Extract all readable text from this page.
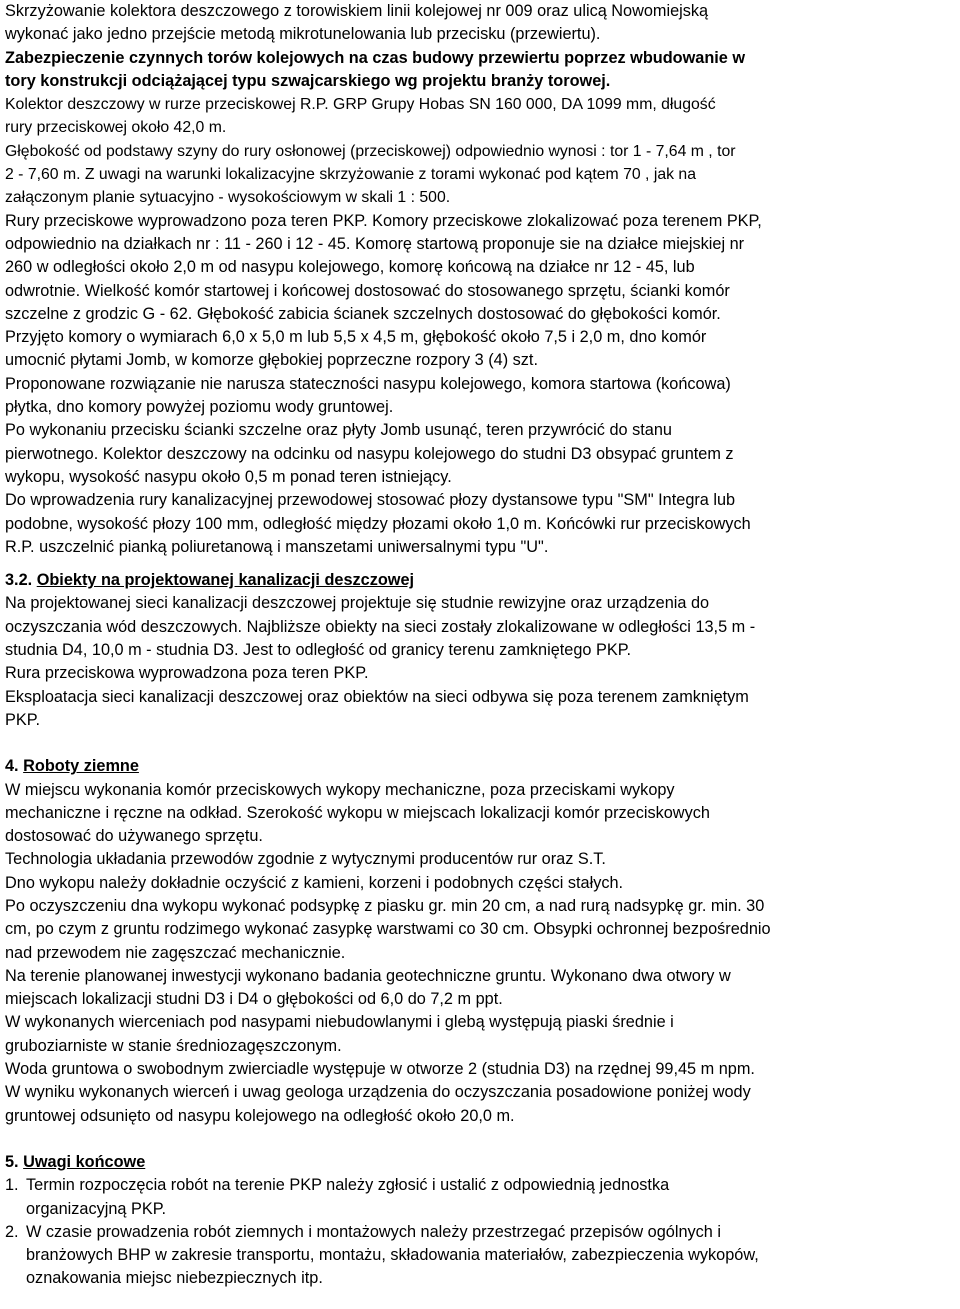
Skrzyżowanie kolektora deszczowego z torowiskiem linii kolejowej nr 009 oraz ulicą Nowomiejską
wykonać jako jedno przejście metodą mikrotunelowania lub przecisku (przewiertu).
Zabezpieczenie czynnych torów kolejowych na czas budowy przewiertu poprzez wbudowanie w
tory konstrukcji odciążającej typu szwajcarskiego wg projektu branży torowej.
Kolektor deszczowy w rurze przeciskowej R.P. GRP Grupy Hobas SN 160 000, DA 1099 mm, długość
rury przeciskowej około 42,0 m.
Głębokość od podstawy szyny do rury osłonowej (przeciskowej) odpowiednio wynosi : tor 1 - 7,64 m , tor
2 - 7,60 m. Z uwagi na warunki lokalizacyjne skrzyżowanie z torami wykonać pod kątem 70 , jak na
załączonym planie sytuacyjno - wysokościowym w skali 1 : 500.
Rury przeciskowe wyprowadzono poza teren PKP. Komory przeciskowe zlokalizować poza terenem PKP,
odpowiednio na działkach nr : 11 - 260 i 12 - 45. Komorę startową proponuje sie na działce miejskiej nr
260 w odległości około 2,0 m od nasypu kolejowego, komorę końcową na działce nr 12 - 45, lub
odwrotnie. Wielkość komór startowej i końcowej dostosować do stosowanego sprzętu, ścianki komór
szczelne z grodzic G - 62. Głębokość zabicia ścianek szczelnych dostosować do głębokości komór.
Przyjęto komory o wymiarach 6,0 x 5,0 m lub 5,5 x 4,5 m, głębokość około 7,5 i 2,0 m, dno komór
umocnić płytami Jomb, w komorze głębokiej poprzeczne rozpory 3 (4) szt.
Proponowane rozwiązanie nie narusza stateczności nasypu kolejowego, komora startowa (końcowa)
płytka, dno komory powyżej poziomu wody gruntowej.
Po wykonaniu przecisku ścianki szczelne oraz płyty Jomb usunąć, teren przywrócić do stanu
pierwotnego. Kolektor deszczowy na odcinku od nasypu kolejowego do studni D3 obsypać gruntem z
wykopu, wysokość nasypu około 0,5 m ponad teren istniejący.
Do wprowadzenia rury kanalizacyjnej przewodowej stosować płozy dystansowe typu "SM" Integra lub
podobne, wysokość płozy 100 mm, odległość między płozami około 1,0 m. Końcówki rur przeciskowych
R.P. uszczelnić pianką poliuretanową i manszetami uniwersalnymi typu "U".
3.2. Obiekty na projektowanej kanalizacji deszczowej
Na projektowanej sieci kanalizacji deszczowej projektuje się studnie rewizyjne oraz urządzenia do
oczyszczania wód deszczowych. Najbliższe obiekty na sieci zostały zlokalizowane w odległości 13,5 m -
studnia D4, 10,0 m - studnia D3. Jest to odległość od granicy terenu zamkniętego PKP.
Rura przeciskowa wyprowadzona poza teren PKP.
Eksploatacja sieci kanalizacji deszczowej oraz obiektów na sieci odbywa się poza terenem zamkniętym
PKP.
4. Roboty ziemne
W miejscu wykonania komór przeciskowych wykopy mechaniczne, poza przeciskami wykopy
mechaniczne i ręczne na odkład. Szerokość wykopu w miejscach lokalizacji komór przeciskowych
dostosować do używanego sprzętu.
Technologia układania przewodów zgodnie z wytycznymi producentów rur oraz S.T.
Dno wykopu należy dokładnie oczyścić z kamieni, korzeni i podobnych części stałych.
Po oczyszczeniu dna wykopu wykonać podsypkę z piasku gr. min 20 cm, a nad rurą nadsypkę gr. min. 30
cm, po czym z gruntu rodzimego wykonać zasypkę warstwami co 30 cm. Obsypki ochronnej bezpośrednio
nad przewodem nie zagęszczać mechanicznie.
Na terenie planowanej inwestycji wykonano badania geotechniczne gruntu. Wykonano dwa otwory w
miejscach lokalizacji studni D3 i D4 o głębokości od 6,0 do 7,2 m ppt.
W wykonanych wierceniach pod nasypami niebudowlanymi i glebą występują piaski średnie i
gruboziarniste w stanie średniozagęszczonym.
Woda gruntowa o swobodnym zwierciadle występuje w otworze 2 (studnia D3) na rzędnej 99,45 m npm.
W wyniku wykonanych wierceń i uwag geologa urządzenia do oczyszczania posadowione poniżej wody
gruntowej odsunięto od nasypu kolejowego na odległość około 20,0 m.
5. Uwagi końcowe
1. Termin rozpoczęcia robót na terenie PKP należy zgłosić i ustalić z odpowiednią jednostka
organizacyjną PKP.
2. W czasie prowadzenia robót ziemnych i montażowych należy przestrzegać przepisów ogólnych i
branżowych BHP w zakresie transportu, montażu, składowania materiałów, zabezpieczenia wykopów,
oznakowania miejsc niebezpiecznych itp.
